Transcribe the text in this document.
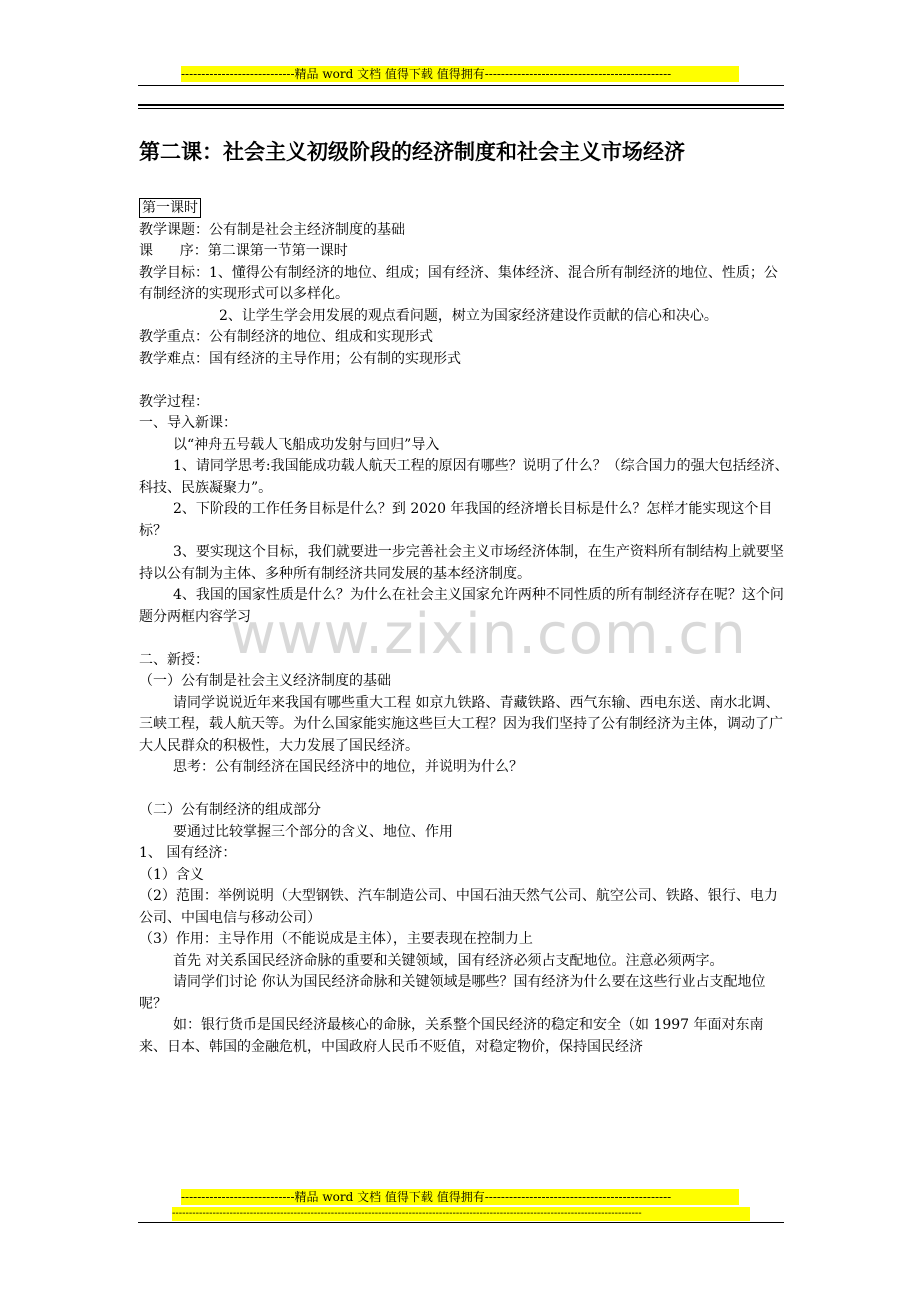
----------------------------精品 word 文档 值得下载 值得拥有----------------------------------------------
第二课：社会主义初级阶段的经济制度和社会主义市场经济
www.zixin.com.cn

第一课时

教学课题：公有制是社会主经济制度的基础

课      序：第二课第一节第一课时

教学目标：1、懂得公有制经济的地位、组成；国有经济、集体经济、混合所有制经济的地位、性质；公有制经济的实现形式可以多样化。

2、让学生学会用发展的观点看问题，树立为国家经济建设作贡献的信心和决心。

教学重点：公有制经济的地位、组成和实现形式

教学难点：国有经济的主导作用；公有制的实现形式

教学过程：

一、导入新课：

以“神舟五号载人飞船成功发射与回归”导入

1、请同学思考:我国能成功载人航天工程的原因有哪些？说明了什么？（综合国力的强大包括经济、科技、民族凝聚力”。

2、下阶段的工作任务目标是什么？到 2020 年我国的经济增长目标是什么？怎样才能实现这个目标？

3、要实现这个目标，我们就要进一步完善社会主义市场经济体制，在生产资料所有制结构上就要坚持以公有制为主体、多种所有制经济共同发展的基本经济制度。

4、我国的国家性质是什么？为什么在社会主义国家允许两种不同性质的所有制经济存在呢？这个问题分两框内容学习

二、新授：

（一）公有制是社会主义经济制度的基础

请同学说说近年来我国有哪些重大工程 如京九铁路、青藏铁路、西气东输、西电东送、南水北调、三峡工程，载人航天等。为什么国家能实施这些巨大工程？因为我们坚持了公有制经济为主体，调动了广大人民群众的积极性，大力发展了国民经济。

思考：公有制经济在国民经济中的地位，并说明为什么？

（二）公有制经济的组成部分

要通过比较掌握三个部分的含义、地位、作用

1、 国有经济：

（1）含义

（2）范围：举例说明（大型钢铁、汽车制造公司、中国石油天然气公司、航空公司、铁路、银行、电力公司、中国电信与移动公司）

（3）作用：主导作用（不能说成是主体），主要表现在控制力上

首先 对关系国民经济命脉的重要和关键领域，国有经济必须占支配地位。注意必须两字。

请同学们讨论 你认为国民经济命脉和关键领域是哪些？国有经济为什么要在这些行业占支配地位呢？

如：银行货币是国民经济最核心的命脉，关系整个国民经济的稳定和安全（如 1997 年面对东南来、日本、韩国的金融危机，中国政府人民币不贬值，对稳定物价，保持国民经济

----------------------------精品 word 文档 值得下载 值得拥有----------------------------------------------
-------------------------------------------------------------------------------------------------------------------------------------------
